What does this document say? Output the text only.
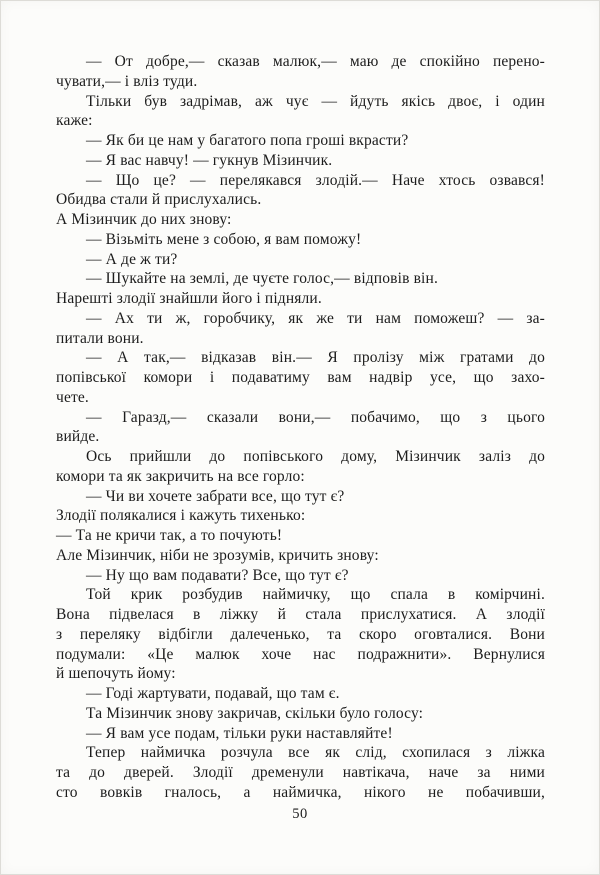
— От добре,— сказав малюк,— маю де спокійно перено-
чувати,— і вліз туди.
Тільки був задрімав, аж чує — йдуть якісь двоє, і один
каже:
— Як би це нам у багатого попа гроші вкрасти?
— Я вас навчу! — гукнув Мізинчик.
— Що це? — перелякався злодій.— Наче хтось озвався!
Обидва стали й прислухались.
А Мізинчик до них знову:
— Візьміть мене з собою, я вам поможу!
— А де ж ти?
— Шукайте на землі, де чуєте голос,— відповів він.
Нарешті злодії знайшли його і підняли.
— Ах ти ж, горобчику, як же ти нам поможеш? — за-
питали вони.
— А так,— відказав він.— Я пролізу між гратами до
попівської комори і подаватиму вам надвір усе, що захо-
чете.
— Гаразд,— сказали вони,— побачимо, що з цього
вийде.
Ось прийшли до попівського дому, Мізинчик заліз до
комори та як закричить на все горло:
— Чи ви хочете забрати все, що тут є?
Злодії полякалися і кажуть тихенько:
— Та не кричи так, а то почують!
Але Мізинчик, ніби не зрозумів, кричить знову:
— Ну що вам подавати? Все, що тут є?
Той крик розбудив наймичку, що спала в комірчині.
Вона підвелася в ліжку й стала прислухатися. А злодії
з переляку відбігли далеченько, та скоро оговталися. Вони
подумали: «Це малюк хоче нас подражнити». Вернулися
й шепочуть йому:
— Годі жартувати, подавай, що там є.
Та Мізинчик знову закричав, скільки було голосу:
— Я вам усе подам, тільки руки наставляйте!
Тепер наймичка розчула все як слід, схопилася з ліжка
та до дверей. Злодії дременули навтікача, наче за ними
сто вовків гналось, а наймичка, нікого не побачивши,
50
